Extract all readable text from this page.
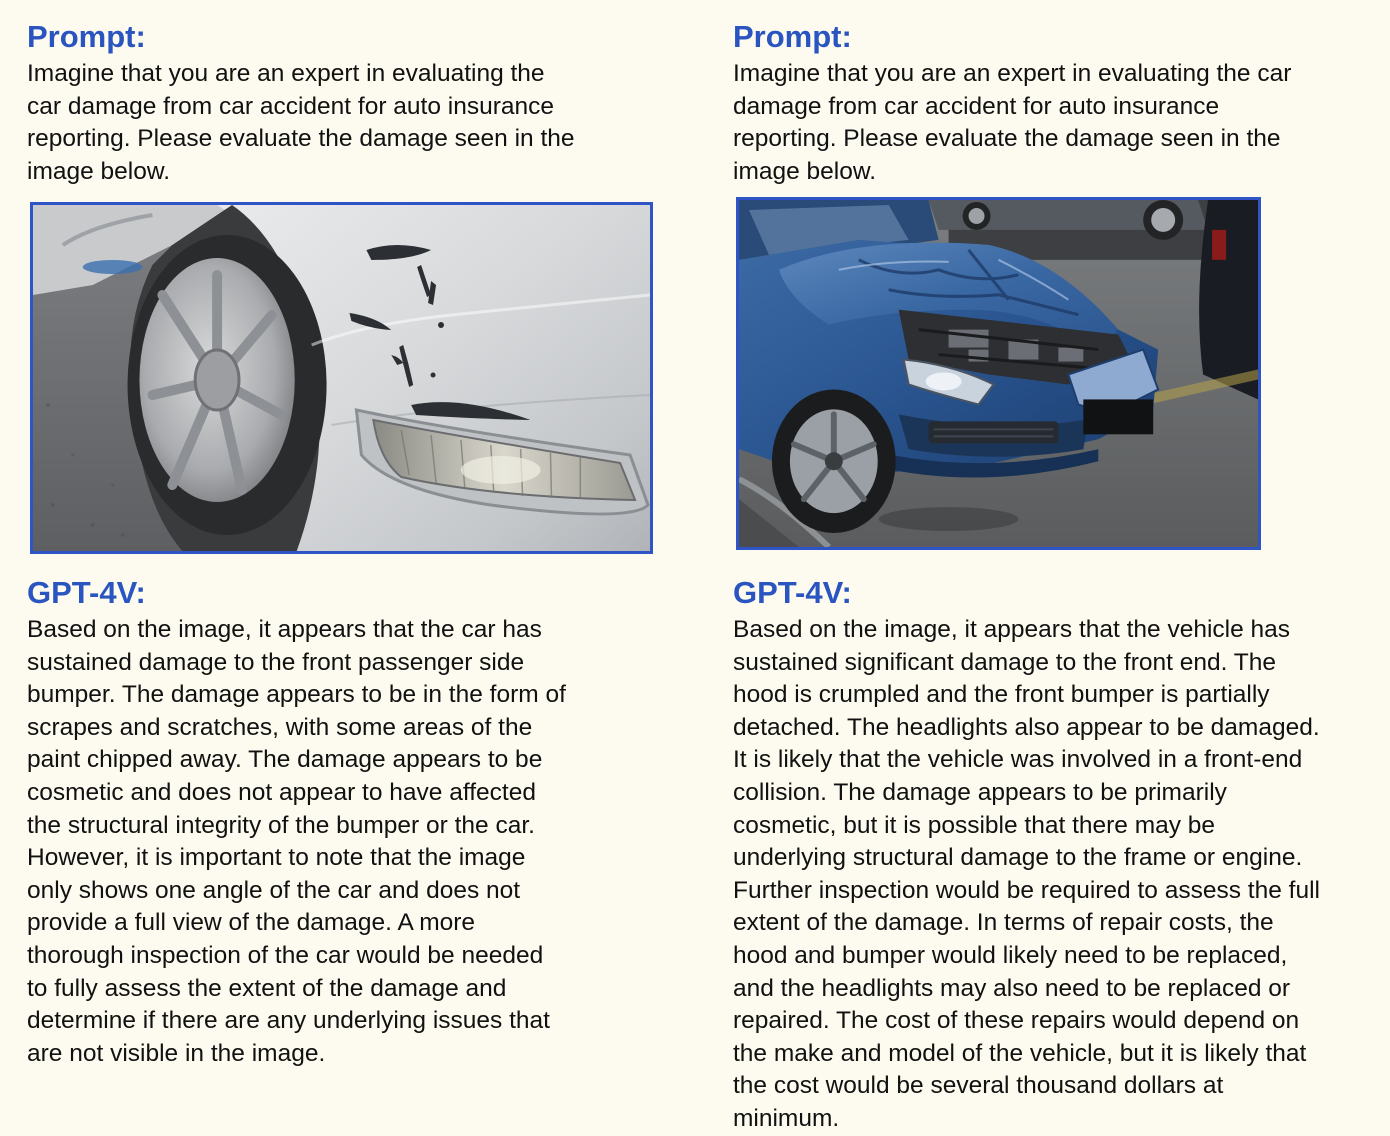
Prompt:

Imagine that you are an expert in evaluating the
car damage from car accident for auto insurance
reporting. Please evaluate the damage seen in the
image below.

GPT-4V:

Based on the image, it appears that the car has
sustained damage to the front passenger side
bumper. The damage appears to be in the form of
scrapes and scratches, with some areas of the
paint chipped away. The damage appears to be
cosmetic and does not appear to have affected
the structural integrity of the bumper or the car.
However, it is important to note that the image
only shows one angle of the car and does not
provide a full view of the damage. A more
thorough inspection of the car would be needed
to fully assess the extent of the damage and
determine if there are any underlying issues that
are not visible in the image.

Prompt:

Imagine that you are an expert in evaluating the car
damage from car accident for auto insurance
reporting. Please evaluate the damage seen in the
image below.

GPT-4V:

Based on the image, it appears that the vehicle has
sustained significant damage to the front end. The
hood is crumpled and the front bumper is partially
detached. The headlights also appear to be damaged.
It is likely that the vehicle was involved in a front-end
collision. The damage appears to be primarily
cosmetic, but it is possible that there may be
underlying structural damage to the frame or engine.
Further inspection would be required to assess the full
extent of the damage. In terms of repair costs, the
hood and bumper would likely need to be replaced,
and the headlights may also need to be replaced or
repaired. The cost of these repairs would depend on
the make and model of the vehicle, but it is likely that
the cost would be several thousand dollars at
minimum.
